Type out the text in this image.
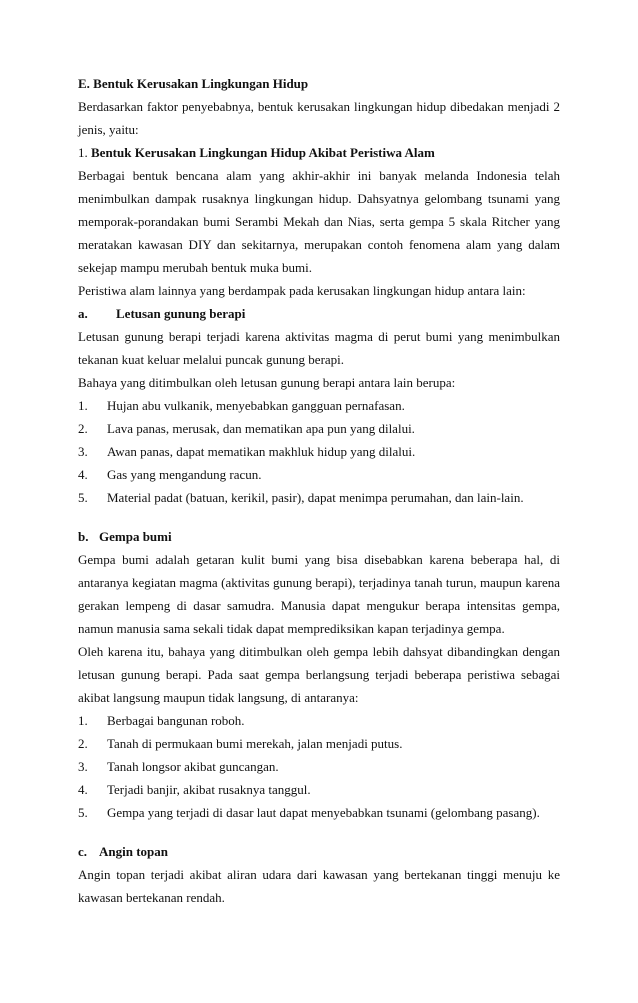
E. Bentuk Kerusakan Lingkungan Hidup

Berdasarkan faktor penyebabnya, bentuk kerusakan lingkungan hidup dibedakan menjadi 2 jenis, yaitu:

1. Bentuk Kerusakan Lingkungan Hidup Akibat Peristiwa Alam

Berbagai bentuk bencana alam yang akhir-akhir ini banyak melanda Indonesia telah menimbulkan dampak rusaknya lingkungan hidup. Dahsyatnya gelombang tsunami yang memporak-porandakan bumi Serambi Mekah dan Nias, serta gempa 5 skala Ritcher yang meratakan kawasan DIY dan sekitarnya, merupakan contoh fenomena alam yang dalam sekejap mampu merubah bentuk muka bumi.

Peristiwa alam lainnya yang berdampak pada kerusakan lingkungan hidup antara lain:

a.	Letusan gunung berapi

Letusan gunung berapi terjadi karena aktivitas magma di perut bumi yang menimbulkan tekanan kuat keluar melalui puncak gunung berapi.

Bahaya yang ditimbulkan oleh letusan gunung berapi antara lain berupa:

1.	Hujan abu vulkanik, menyebabkan gangguan pernafasan.
2.	Lava panas, merusak, dan mematikan apa pun yang dilalui.
3.	Awan panas, dapat mematikan makhluk hidup yang dilalui.
4.	Gas yang mengandung racun.
5.	Material padat (batuan, kerikil, pasir), dapat menimpa perumahan, dan lain-lain.
b. Gempa bumi

Gempa bumi adalah getaran kulit bumi yang bisa disebabkan karena beberapa hal, di antaranya kegiatan magma (aktivitas gunung berapi), terjadinya tanah turun, maupun karena gerakan lempeng di dasar samudra. Manusia dapat mengukur berapa intensitas gempa, namun manusia sama sekali tidak dapat memprediksikan kapan terjadinya gempa.

Oleh karena itu, bahaya yang ditimbulkan oleh gempa lebih dahsyat dibandingkan dengan letusan gunung berapi. Pada saat gempa berlangsung terjadi beberapa peristiwa sebagai akibat langsung maupun tidak langsung, di antaranya:

1.	Berbagai bangunan roboh.
2.	Tanah di permukaan bumi merekah, jalan menjadi putus.
3.	Tanah longsor akibat guncangan.
4.	Terjadi banjir, akibat rusaknya tanggul.
5.	Gempa yang terjadi di dasar laut dapat menyebabkan tsunami (gelombang pasang).
c. Angin topan

Angin topan terjadi akibat aliran udara dari kawasan yang bertekanan tinggi menuju ke kawasan bertekanan rendah.
